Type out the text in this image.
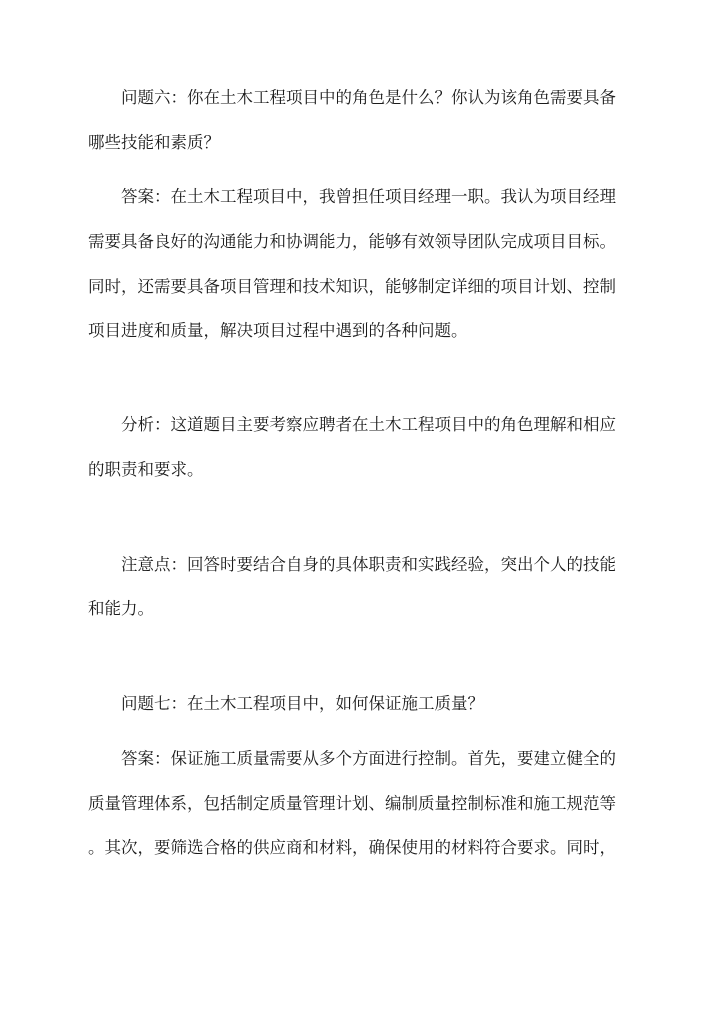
问题六：你在土木工程项目中的角色是什么？你认为该角色需要具备
哪些技能和素质？
答案：在土木工程项目中，我曾担任项目经理一职。我认为项目经理
需要具备良好的沟通能力和协调能力，能够有效领导团队完成项目目标。
同时，还需要具备项目管理和技术知识，能够制定详细的项目计划、控制
项目进度和质量，解决项目过程中遇到的各种问题。
分析：这道题目主要考察应聘者在土木工程项目中的角色理解和相应
的职责和要求。
注意点：回答时要结合自身的具体职责和实践经验，突出个人的技能
和能力。
问题七：在土木工程项目中，如何保证施工质量？
答案：保证施工质量需要从多个方面进行控制。首先，要建立健全的
质量管理体系，包括制定质量管理计划、编制质量控制标准和施工规范等
。其次，要筛选合格的供应商和材料，确保使用的材料符合要求。同时，
